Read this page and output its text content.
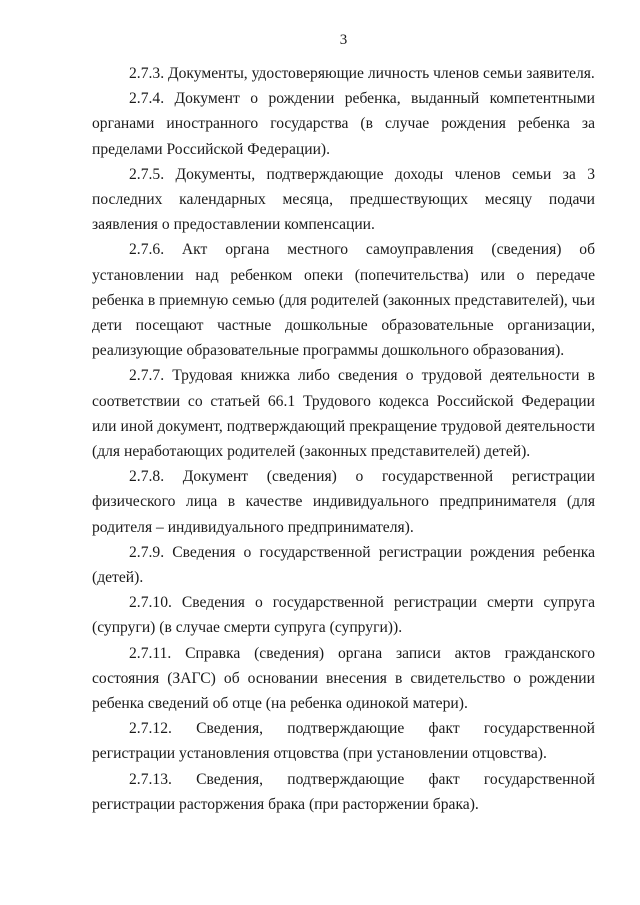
3

2.7.3. Документы, удостоверяющие личность членов семьи заявителя.

2.7.4. Документ о рождении ребенка, выданный компетентными органами иностранного государства (в случае рождения ребенка за пределами Российской Федерации).

2.7.5. Документы, подтверждающие доходы членов семьи за 3 последних календарных месяца, предшествующих месяцу подачи заявления о предоставлении компенсации.

2.7.6. Акт органа местного самоуправления (сведения) об установлении над ребенком опеки (попечительства) или о передаче ребенка в приемную семью (для родителей (законных представителей), чьи дети посещают частные дошкольные образовательные организации, реализующие образовательные программы дошкольного образования).

2.7.7. Трудовая книжка либо сведения о трудовой деятельности в соответствии со статьей 66.1 Трудового кодекса Российской Федерации или иной документ, подтверждающий прекращение трудовой деятельности (для неработающих родителей (законных представителей) детей).

2.7.8. Документ (сведения) о государственной регистрации физического лица в качестве индивидуального предпринимателя (для родителя – индивидуального предпринимателя).

2.7.9. Сведения о государственной регистрации рождения ребенка (детей).

2.7.10. Сведения о государственной регистрации смерти супруга (супруги) (в случае смерти супруга (супруги)).

2.7.11. Справка (сведения) органа записи актов гражданского состояния (ЗАГС) об основании внесения в свидетельство о рождении ребенка сведений об отце (на ребенка одинокой матери).

2.7.12. Сведения, подтверждающие факт государственной регистрации установления отцовства (при установлении отцовства).

2.7.13. Сведения, подтверждающие факт государственной регистрации расторжения брака (при расторжении брака).
